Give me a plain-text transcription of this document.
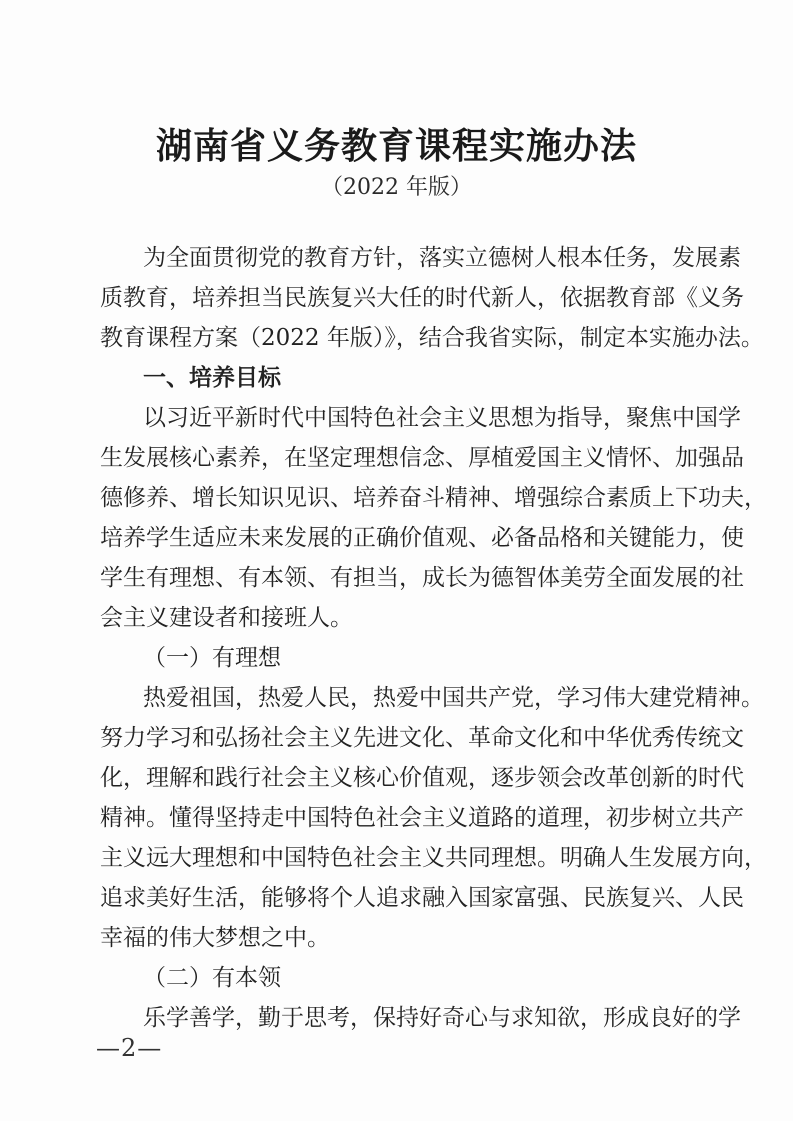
湖南省义务教育课程实施办法
（2022 年版）
为全面贯彻党的教育方针，落实立德树人根本任务，发展素
质教育，培养担当民族复兴大任的时代新人，依据教育部《义务
教育课程方案（2022 年版）》，结合我省实际，制定本实施办法。
一、培养目标
以习近平新时代中国特色社会主义思想为指导，聚焦中国学
生发展核心素养，在坚定理想信念、厚植爱国主义情怀、加强品
德修养、增长知识见识、培养奋斗精神、增强综合素质上下功夫，
培养学生适应未来发展的正确价值观、必备品格和关键能力，使
学生有理想、有本领、有担当，成长为德智体美劳全面发展的社
会主义建设者和接班人。
（一）有理想
热爱祖国，热爱人民，热爱中国共产党，学习伟大建党精神。
努力学习和弘扬社会主义先进文化、革命文化和中华优秀传统文
化，理解和践行社会主义核心价值观，逐步领会改革创新的时代
精神。懂得坚持走中国特色社会主义道路的道理，初步树立共产
主义远大理想和中国特色社会主义共同理想。明确人生发展方向，
追求美好生活，能够将个人追求融入国家富强、民族复兴、人民
幸福的伟大梦想之中。
（二）有本领
乐学善学，勤于思考，保持好奇心与求知欲，形成良好的学
—2—
